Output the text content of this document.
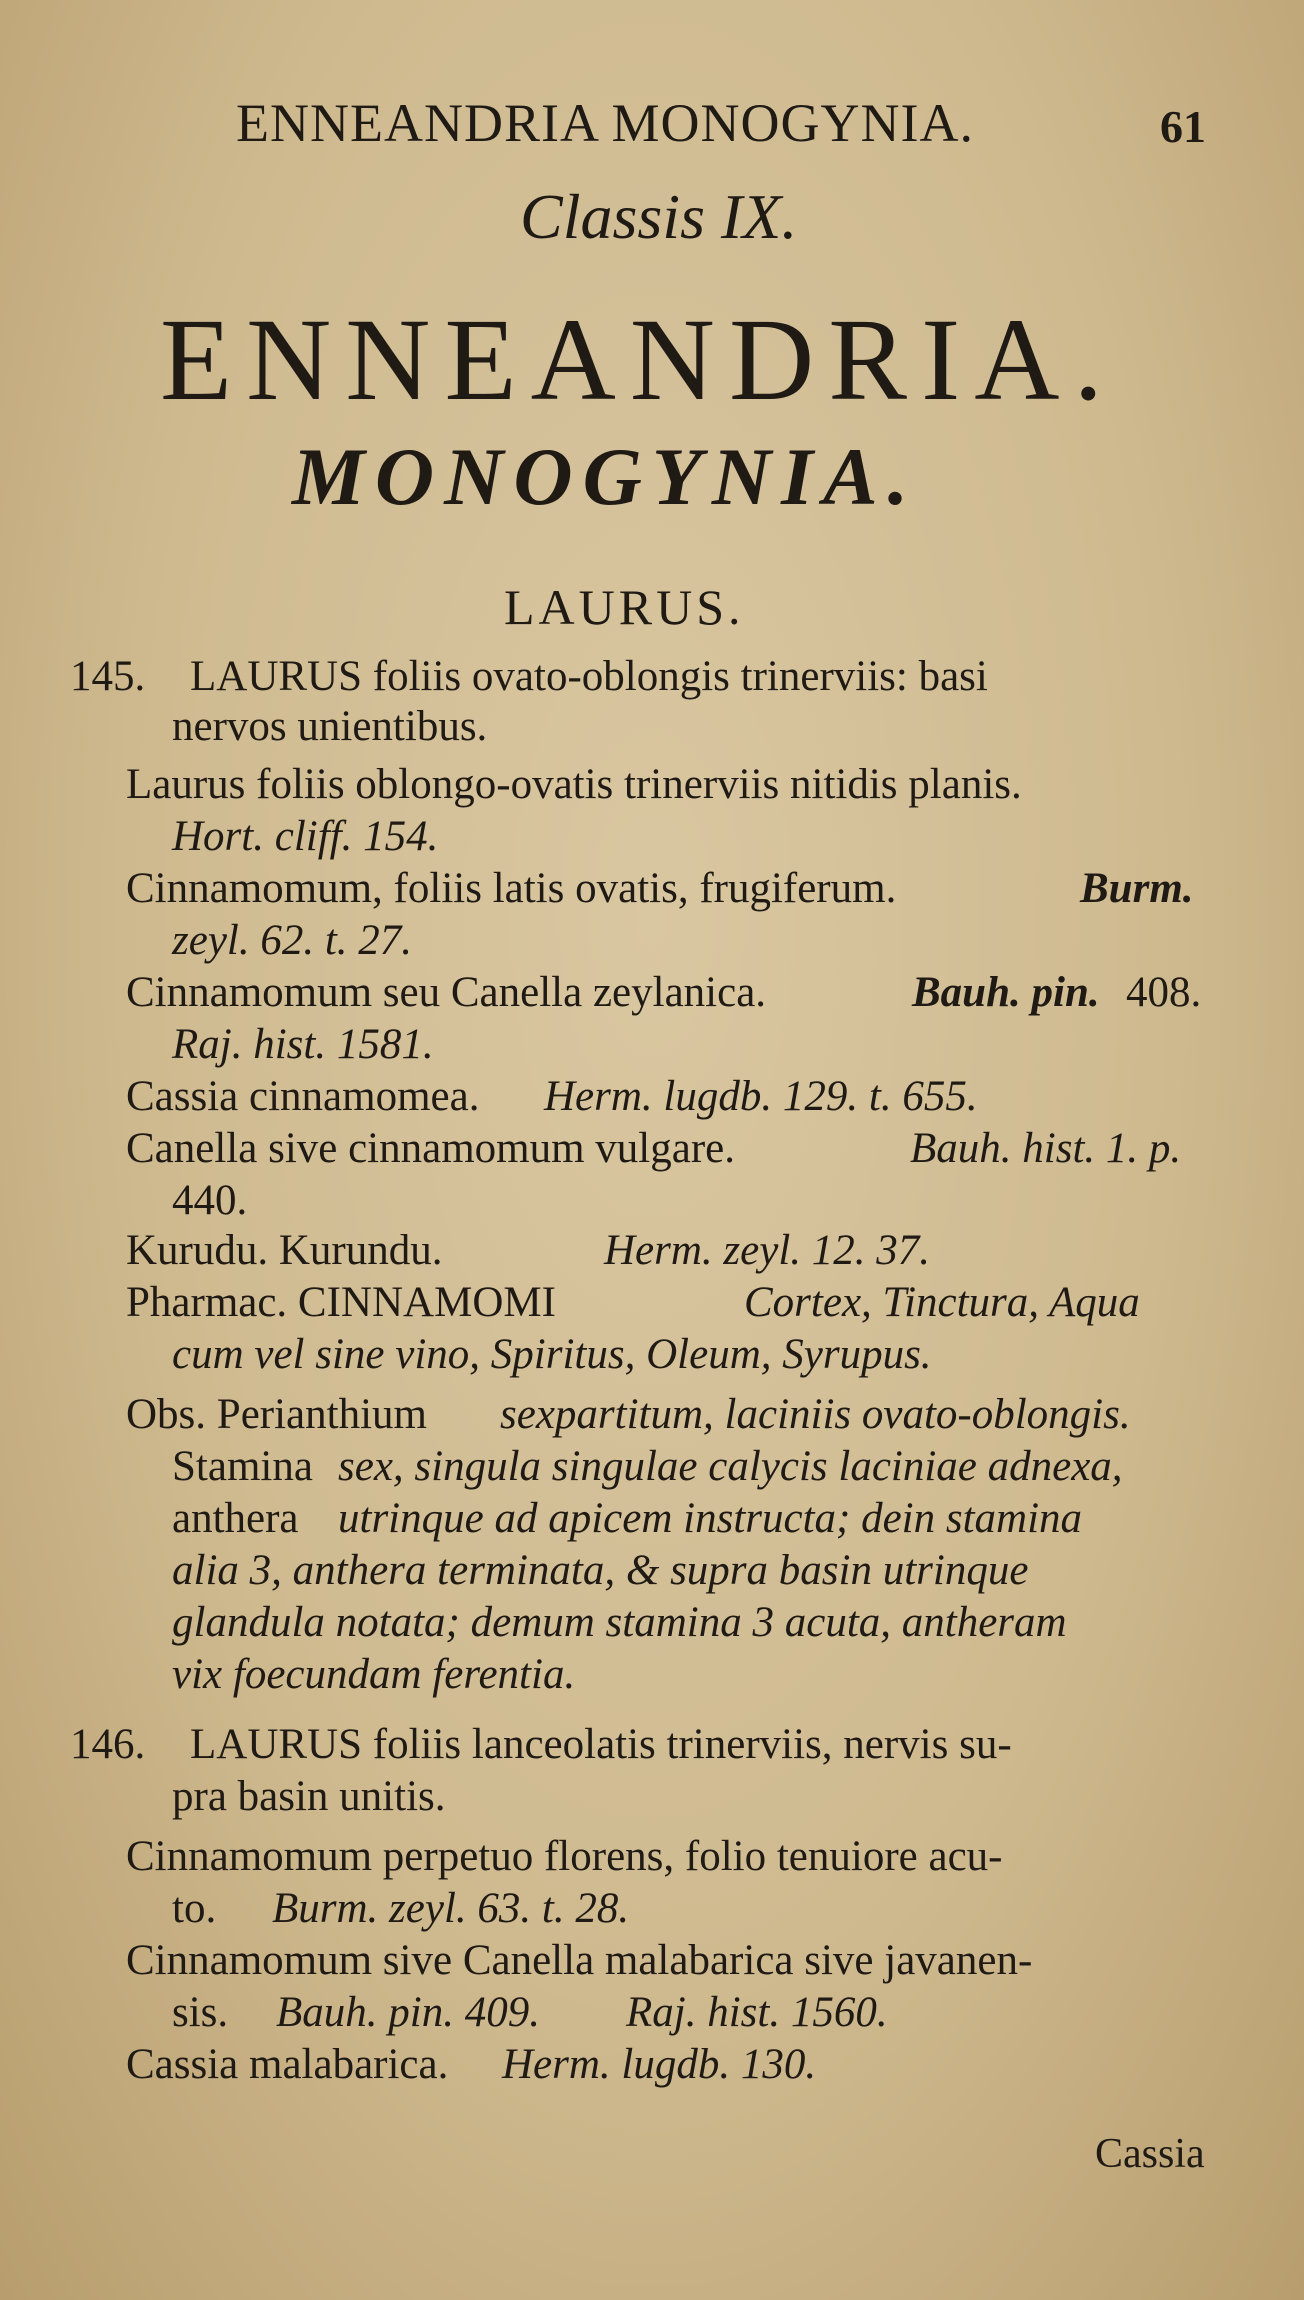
ENNEANDRIA MONOGYNIA.	61
Classis IX.
ENNEANDRIA.
MONOGYNIA.
LAURUS.
145. LAURUS foliis ovato-oblongis trinerviis: basi
nervos unientibus.
Laurus foliis oblongo-ovatis trinerviis nitidis planis.
Hort. cliff. 154.
Cinnamomum, foliis latis ovatis, frugiferum.	Burm.
zeyl. 62. t. 27.
Cinnamomum seu Canella zeylanica.	Bauh. pin. 408.
Raj. hist. 1581.
Cassia cinnamomea. Herm. lugdb. 129. t. 655.
Canella sive cinnamomum vulgare.	Bauh. hist. 1. p.
440.
Kurudu. Kurundu.	Herm. zeyl. 12. 37.
Pharmac. CINNAMOMI	Cortex, Tinctura, Aqua
cum vel sine vino, Spiritus, Oleum, Syrupus.
Obs. Perianthium sexpartitum, laciniis ovato-oblongis.
Stamina sex, singula singulae calycis laciniae adnexa,
anthera utrinque ad apicem instructa; dein stamina
alia 3, anthera terminata, & supra basin utrinque
glandula notata; demum stamina 3 acuta, antheram
vix foecundam ferentia.
146. LAURUS foliis lanceolatis trinerviis, nervis su-
pra basin unitis.
Cinnamomum perpetuo florens, folio tenuiore acu-
to. Burm. zeyl. 63. t. 28.
Cinnamomum sive Canella malabarica sive javanen-
sis. Bauh. pin. 409. Raj. hist. 1560.
Cassia malabarica. Herm. lugdb. 130.
Cassia
